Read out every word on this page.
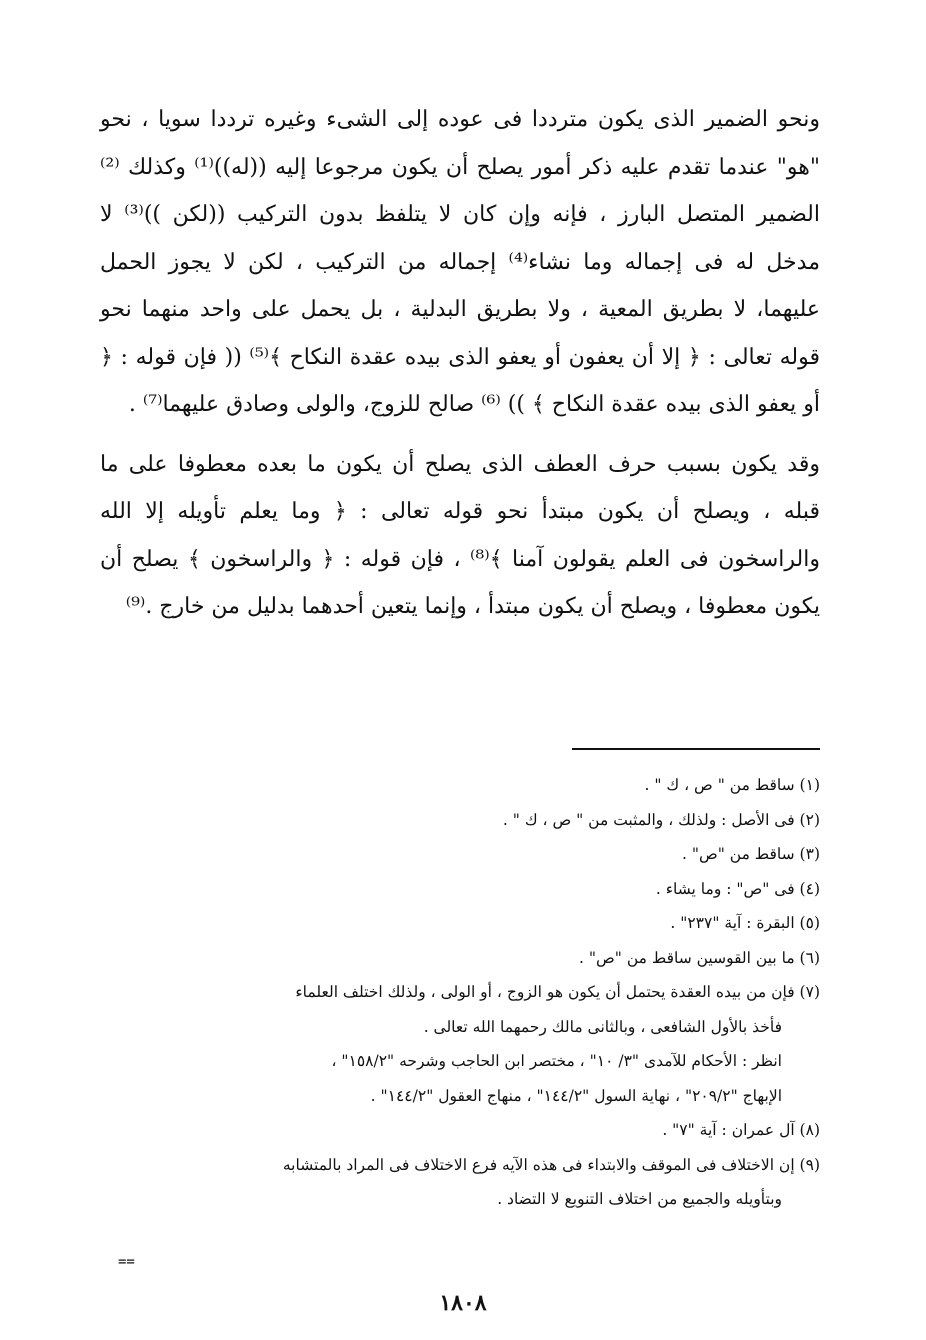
ونحو الضمير الذى يكون مترددا فى عوده إلى الشىء وغيره ترددا سويا ، نحو "هو" عندما تقدم عليه ذكر أمور يصلح أن يكون مرجوعا إليه ((له))⁽¹⁾ وكذلك ⁽²⁾ الضمير المتصل البارز ، فإنه وإن كان لا يتلفظ بدون التركيب ((لكن ))⁽³⁾ لا مدخل له فى إجماله وما نشاء⁽⁴⁾ إجماله من التركيب ، لكن لا يجوز الحمل عليهما، لا بطريق المعية ، ولا بطريق البدلية ، بل يحمل على واحد منهما نحو قوله تعالى : ﴿ إلا أن يعفون أو يعفو الذى بيده عقدة النكاح ﴾⁽⁵⁾ (( فإن قوله : ﴿ أو يعفو الذى بيده عقدة النكاح ﴾ )) ⁽⁶⁾ صالح للزوج، والولى وصادق عليهما⁽⁷⁾ .

وقد يكون بسبب حرف العطف الذى يصلح أن يكون ما بعده معطوفا على ما قبله ، ويصلح أن يكون مبتدأ نحو قوله تعالى : ﴿ وما يعلم تأويله إلا الله والراسخون فى العلم يقولون آمنا ﴾⁽⁸⁾ ، فإن قوله : ﴿ والراسخون ﴾ يصلح أن يكون معطوفا ، ويصلح أن يكون مبتدأ ، وإنما يتعين أحدهما بدليل من خارج .⁽⁹⁾

(١) ساقط من " ص ، ك " .

(٢) فى الأصل : ولذلك ، والمثبت من " ص ، ك " .

(٣) ساقط من "ص" .

(٤) فى "ص" : وما يشاء .

(٥) البقرة : آية "٢٣٧" .

(٦) ما بين القوسين ساقط من "ص" .

(٧) فإن من بيده العقدة يحتمل أن يكون هو الزوج ، أو الولى ، ولذلك اختلف العلماء

فأخذ بالأول الشافعى ، وبالثانى مالك رحمهما الله تعالى .

انظر : الأحكام للآمدى "٣/ ١٠" ، مختصر ابن الحاجب وشرحه "١٥٨/٢" ،

الإبهاج "٢٠٩/٢" ، نهاية السول "١٤٤/٢" ، منهاج العقول "١٤٤/٢" .

(٨) آل عمران : آية "٧" .

(٩) إن الاختلاف فى الموقف والابتداء فى هذه الآيه فرع الاختلاف فى المراد بالمتشابه

وبتأويله والجميع من اختلاف التنويع لا التضاد .

==
١٨٠٨
